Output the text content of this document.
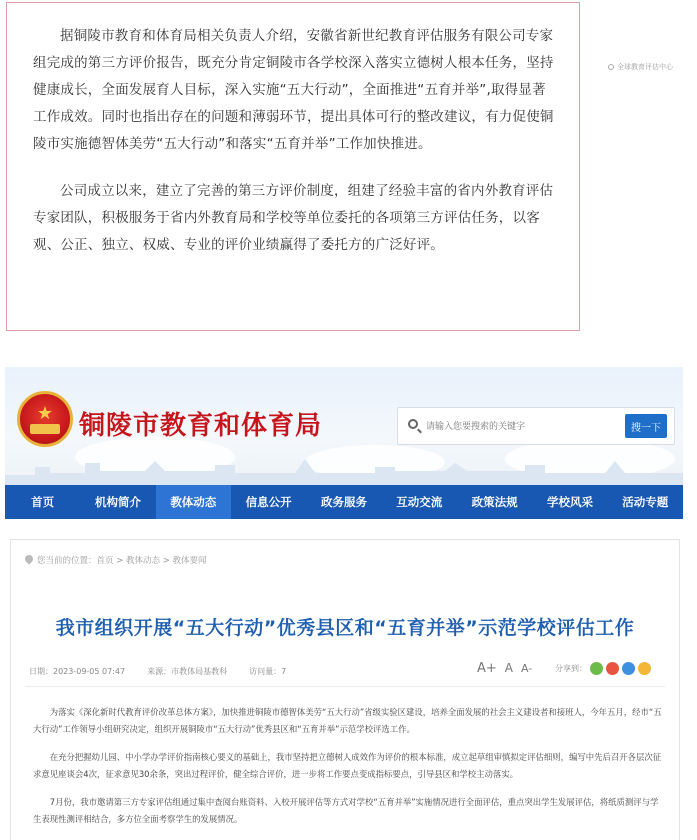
据铜陵市教育和体育局相关负责人介绍，安徽省新世纪教育评估服务有限公司专家组完成的第三方评价报告，既充分肯定铜陵市各学校深入落实立德树人根本任务，坚持健康成长，全面发展育人目标，深入实施“五大行动”，全面推进“五育并举”,取得显著工作成效。同时也指出存在的问题和薄弱环节，提出具体可行的整改建议，有力促使铜陵市实施德智体美劳“五大行动”和落实“五育并举”工作加快推进。

公司成立以来，建立了完善的第三方评价制度，组建了经验丰富的省内外教育评估专家团队，积极服务于省内外教育局和学校等单位委托的各项第三方评估任务，以客观、公正、独立、权威、专业的评价业绩赢得了委托方的广泛好评。

全球教育评估中心
★ 铜陵市教育和体育局
请输入您要搜索的关键字	搜一下
首页	机构简介	教体动态	信息公开	政务服务	互动交流	政策法规	学校风采	活动专题
您当前的位置：首页 > 教体动态 > 教体要闻
我市组织开展“五大行动”优秀县区和“五育并举”示范学校评估工作
日期：2023-09-05 07:47	来源：市教体局基教科	访问量：7	A+ A A-	分享到：

为落实《深化新时代教育评价改革总体方案》，加快推进铜陵市德智体美劳“五大行动”省级实验区建设，培养全面发展的社会主义建设者和接班人，今年五月，经市“五大行动”工作领导小组研究决定，组织开展铜陵市“五大行动”优秀县区和“五育并举”示范学校评选工作。

在充分把握幼儿园、中小学办学评价指南核心要义的基础上，我市坚持把立德树人成效作为评价的根本标准，成立起草组审慎拟定评估细则，编写中先后召开各层次征求意见座谈会4次，征求意见30余条，突出过程评价，健全综合评价，进一步将工作要点变成指标要点，引导县区和学校主动落实。

7月份，我市邀请第三方专家评估组通过集中查阅台账资料、入校开展评估等方式对学校“五育并举”实施情况进行全面评估，重点突出学生发展评估，将纸质测评与学生表现性测评相结合，多方位全面考察学生的发展情况。
